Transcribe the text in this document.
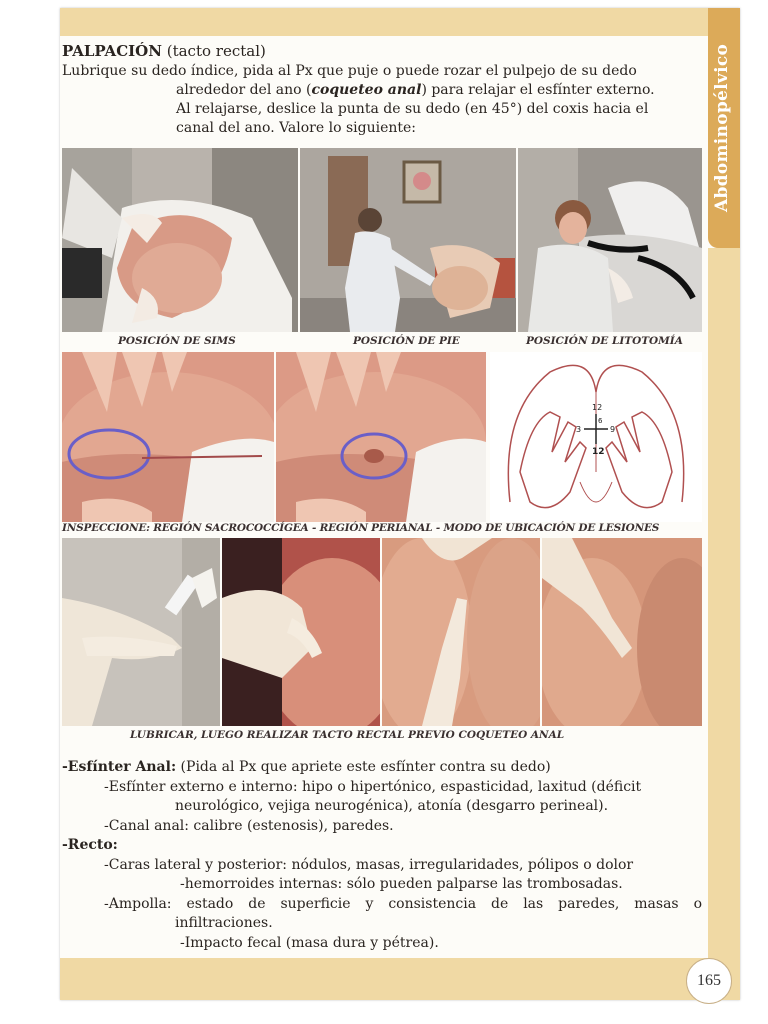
Abdominopélvico
PALPACIÓN (tacto rectal)
Lubrique su dedo índice, pida al Px que puje o puede rozar el pulpejo de su dedo
alrededor del ano (coqueteo anal) para relajar el esfínter externo.
Al relajarse, deslice la punta de su dedo (en 45°) del coxis hacia el
canal del ano. Valore lo siguiente:
POSICIÓN DE SIMS	POSICIÓN DE PIE	POSICIÓN DE LITOTOMÍA
12
3	9
12
6
INSPECCIONE: REGIÓN SACROCOCCÍGEA - REGIÓN PERIANAL - MODO DE UBICACIÓN DE LESIONES
LUBRICAR, LUEGO REALIZAR TACTO RECTAL PREVIO COQUETEO ANAL
-Esfínter Anal: (Pida al Px que apriete este esfínter contra su dedo)
-Esfínter externo e interno: hipo o hipertónico, espasticidad, laxitud (déficit
neurológico, vejiga neurogénica), atonía (desgarro perineal).
-Canal anal: calibre (estenosis), paredes.
-Recto:
-Caras lateral y posterior: nódulos, masas, irregularidades, pólipos o dolor
-hemorroides internas: sólo pueden palparse las trombosadas.
-Ampolla: estado de superficie y consistencia de las paredes, masas o
infiltraciones.
-Impacto fecal (masa dura y pétrea).
165
